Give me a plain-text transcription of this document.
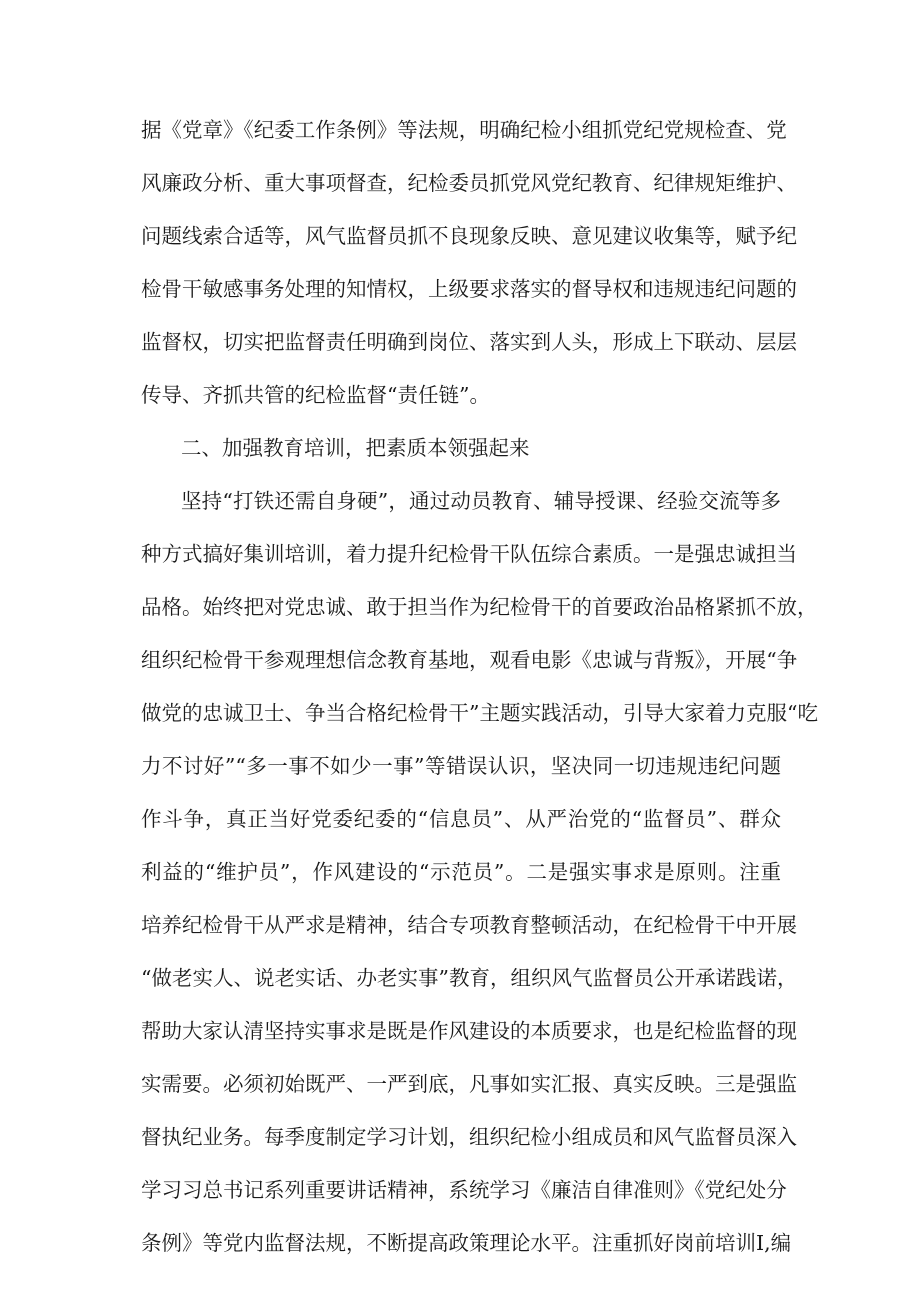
据《党章》《纪委工作条例》等法规，明确纪检小组抓党纪党规检查、党
风廉政分析、重大事项督查，纪检委员抓党风党纪教育、纪律规矩维护、
问题线索合适等，风气监督员抓不良现象反映、意见建议收集等，赋予纪
检骨干敏感事务处理的知情权，上级要求落实的督导权和违规违纪问题的
监督权，切实把监督责任明确到岗位、落实到人头，形成上下联动、层层
传导、齐抓共管的纪检监督“责任链”。
二、加强教育培训，把素质本领强起来
坚持“打铁还需自身硬”，通过动员教育、辅导授课、经验交流等多
种方式搞好集训培训，着力提升纪检骨干队伍综合素质。一是强忠诚担当
品格。始终把对党忠诚、敢于担当作为纪检骨干的首要政治品格紧抓不放，
组织纪检骨干参观理想信念教育基地，观看电影《忠诚与背叛》，开展“争
做党的忠诚卫士、争当合格纪检骨干”主题实践活动，引导大家着力克服“吃
力不讨好”“多一事不如少一事”等错误认识，坚决同一切违规违纪问题
作斗争，真正当好党委纪委的“信息员”、从严治党的“监督员”、群众
利益的“维护员”，作风建设的“示范员”。二是强实事求是原则。注重
培养纪检骨干从严求是精神，结合专项教育整顿活动，在纪检骨干中开展
“做老实人、说老实话、办老实事”教育，组织风气监督员公开承诺践诺，
帮助大家认清坚持实事求是既是作风建设的本质要求，也是纪检监督的现
实需要。必须初始既严、一严到底，凡事如实汇报、真实反映。三是强监
督执纪业务。每季度制定学习计划，组织纪检小组成员和风气监督员深入
学习习总书记系列重要讲话精神，系统学习《廉洁自律准则》《党纪处分
条例》等党内监督法规，不断提高政策理论水平。注重抓好岗前培训Ⅰ,编
